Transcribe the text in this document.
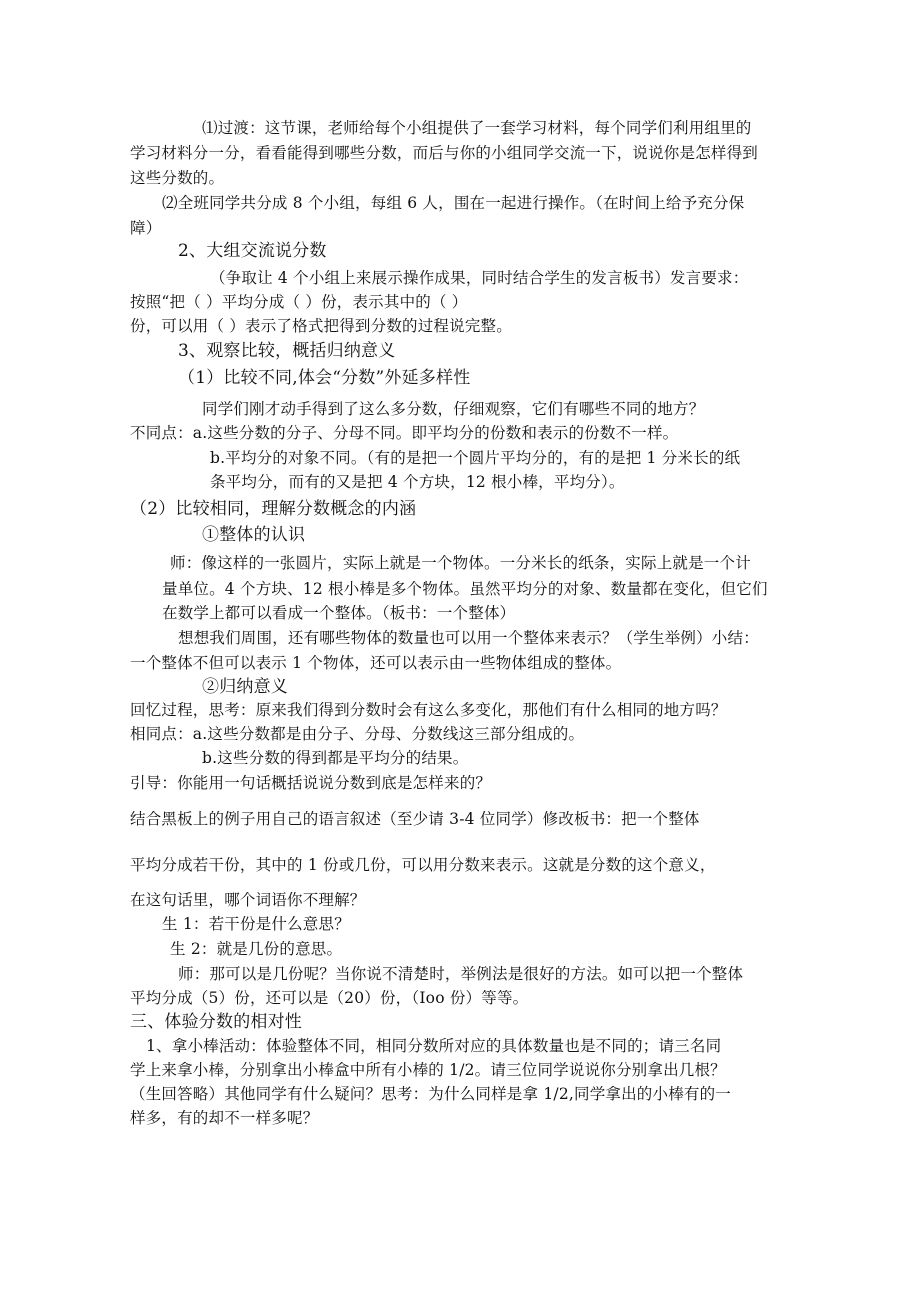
⑴过渡：这节课，老师给每个小组提供了一套学习材料，每个同学们利用组里的

学习材料分一分，看看能得到哪些分数，而后与你的小组同学交流一下，说说你是怎样得到

这些分数的。

⑵全班同学共分成 8 个小组，每组 6 人，围在一起进行操作。（在时间上给予充分保

障）

2、大组交流说分数

（争取让 4 个小组上来展示操作成果，同时结合学生的发言板书）发言要求：

按照“把（ ）平均分成（ ）份，表示其中的（ ）

份，可以用（ ）表示了格式把得到分数的过程说完整。

3、观察比较，概括归纳意义

（1）比较不同,体会“分数”外延多样性

同学们刚才动手得到了这么多分数，仔细观察，它们有哪些不同的地方？

不同点：a.这些分数的分子、分母不同。即平均分的份数和表示的份数不一样。

b.平均分的对象不同。（有的是把一个圆片平均分的，有的是把 1 分米长的纸

条平均分，而有的又是把 4 个方块，12 根小棒，平均分）。

（2）比较相同，理解分数概念的内涵

①整体的认识

师：像这样的一张圆片，实际上就是一个物体。一分米长的纸条，实际上就是一个计

量单位。4 个方块、12 根小棒是多个物体。虽然平均分的对象、数量都在变化，但它们

在数学上都可以看成一个整体。（板书：一个整体）

想想我们周围，还有哪些物体的数量也可以用一个整体来表示？（学生举例）小结：

一个整体不但可以表示 1 个物体，还可以表示由一些物体组成的整体。

②归纳意义

回忆过程，思考：原来我们得到分数时会有这么多变化，那他们有什么相同的地方吗？

相同点：a.这些分数都是由分子、分母、分数线这三部分组成的。

b.这些分数的得到都是平均分的结果。

引导：你能用一句话概括说说分数到底是怎样来的？

结合黑板上的例子用自己的语言叙述（至少请 3-4 位同学）修改板书：把一个整体

平均分成若干份，其中的 1 份或几份，可以用分数来表示。这就是分数的这个意义，

在这句话里，哪个词语你不理解？

生 1：若干份是什么意思？

生 2：就是几份的意思。

师：那可以是几份呢？当你说不清楚时，举例法是很好的方法。如可以把一个整体

平均分成（5）份，还可以是（20）份，（Ioo 份）等等。

三、体验分数的相对性

1、拿小棒活动：体验整体不同，相同分数所对应的具体数量也是不同的；请三名同

学上来拿小棒，分别拿出小棒盒中所有小棒的 1/2。请三位同学说说你分别拿出几根？

（生回答略）其他同学有什么疑问？思考：为什么同样是拿 1/2,同学拿出的小棒有的一

样多，有的却不一样多呢？
